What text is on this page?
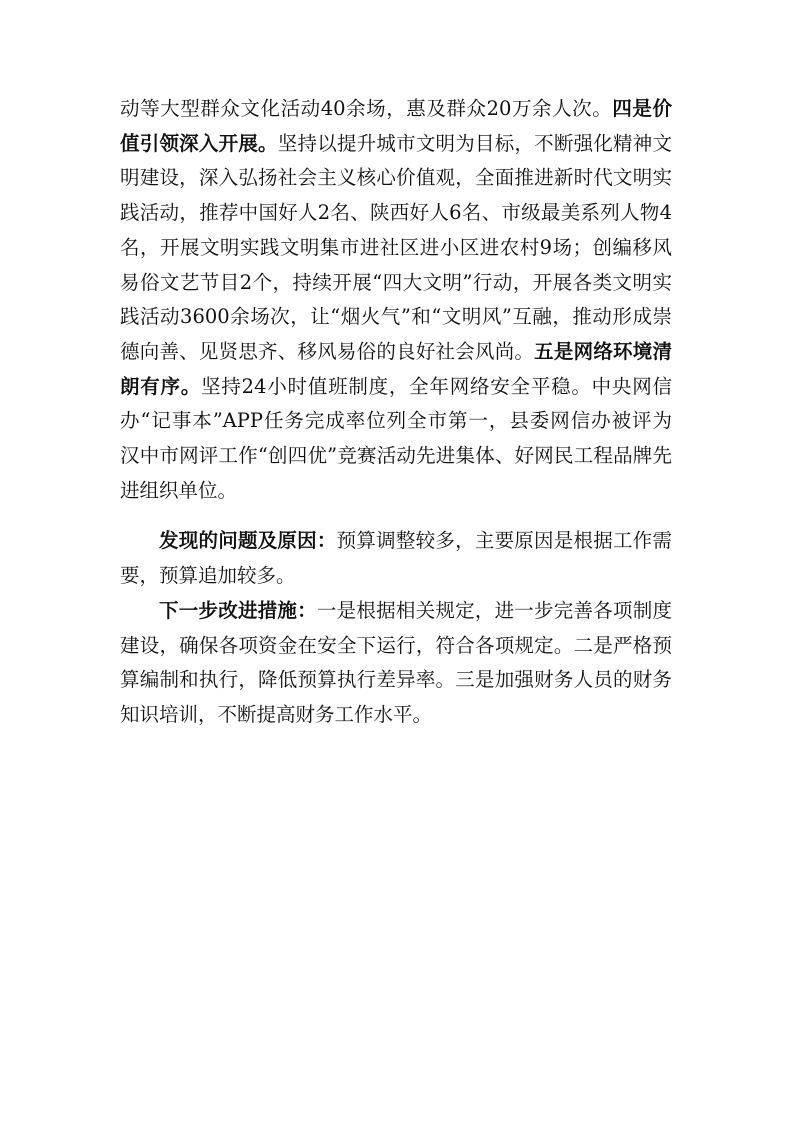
动等大型群众文化活动40余场，惠及群众20万余人次。四是价值引领深入开展。坚持以提升城市文明为目标，不断强化精神文明建设，深入弘扬社会主义核心价值观，全面推进新时代文明实践活动，推荐中国好人2名、陕西好人6名、市级最美系列人物4名，开展文明实践文明集市进社区进小区进农村9场；创编移风易俗文艺节目2个，持续开展“四大文明”行动，开展各类文明实践活动3600余场次，让“烟火气”和“文明风”互融，推动形成崇德向善、见贤思齐、移风易俗的良好社会风尚。五是网络环境清朗有序。坚持24小时值班制度，全年网络安全平稳。中央网信办“记事本”APP任务完成率位列全市第一，县委网信办被评为 汉中市网评工作“创四优”竞赛活动先进集体、好网民工程品牌先进组织单位。

发现的问题及原因：预算调整较多，主要原因是根据工作需要，预算追加较多。

下一步改进措施：一是根据相关规定，进一步完善各项制度建设，确保各项资金在安全下运行，符合各项规定。二是严格预算编制和执行，降低预算执行差异率。三是加强财务人员的财务知识培训，不断提高财务工作水平。
